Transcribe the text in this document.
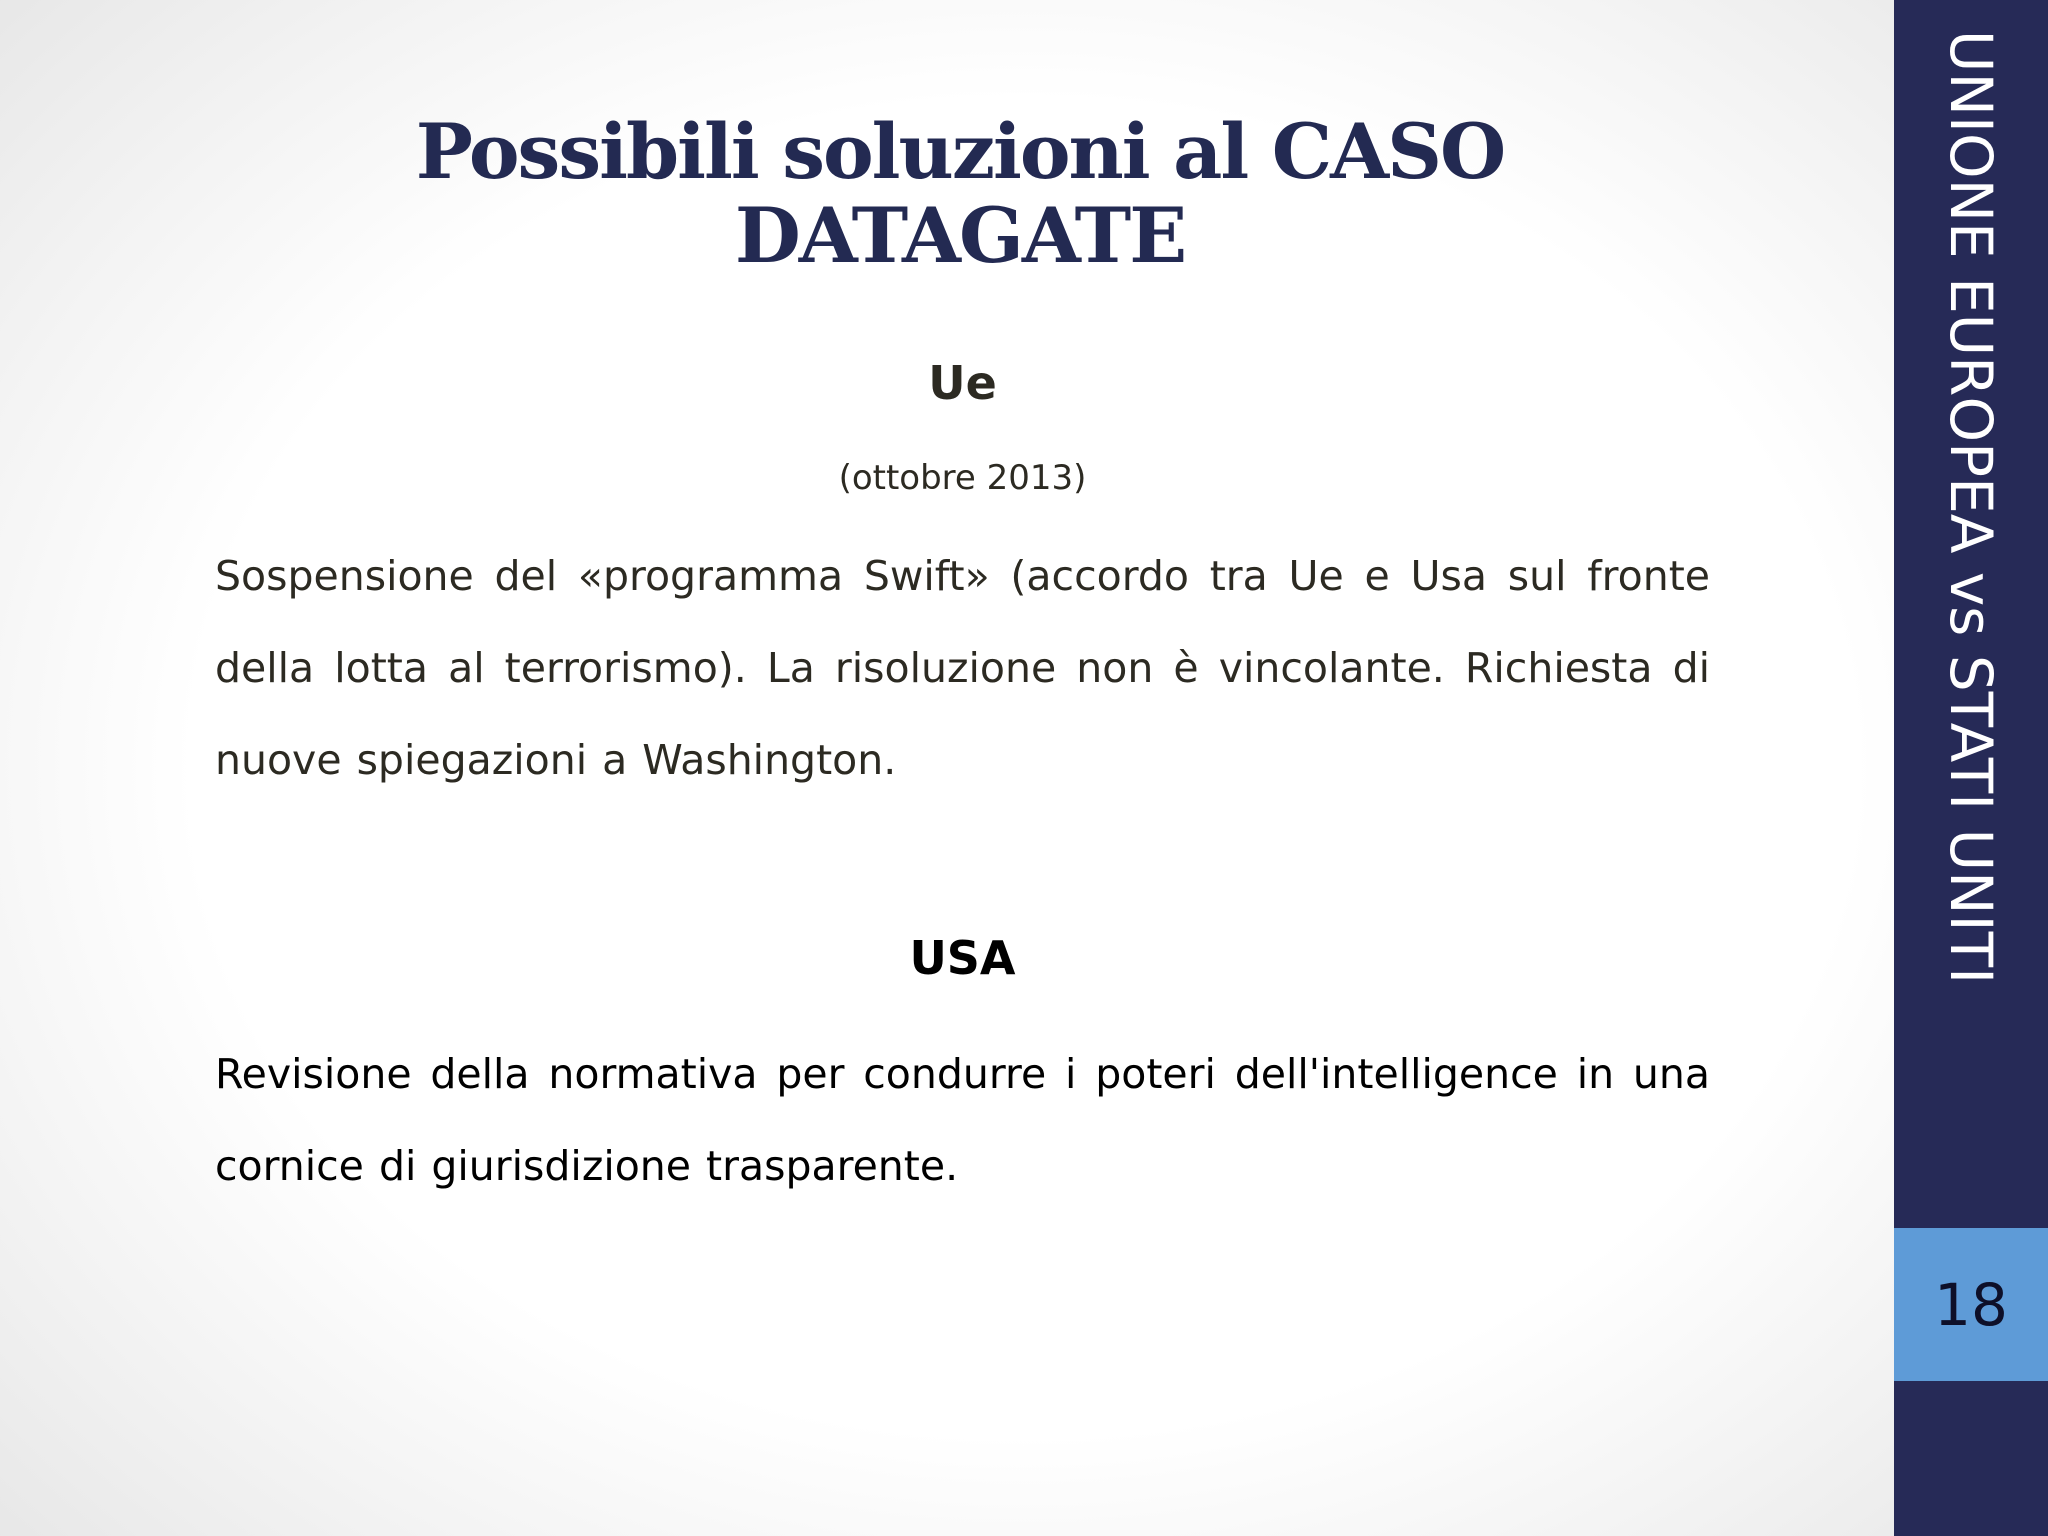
Possibili soluzioni al CASO DATAGATE
Ue
(ottobre 2013)

Sospensione del «programma Swift» (accordo tra Ue e Usa sul fronte della lotta al terrorismo). La risoluzione non è vincolante. Richiesta di nuove spiegazioni a Washington.

USA

Revisione della normativa per condurre i poteri dell'intelligence in una cornice di giurisdizione trasparente.

UNIONE EUROPEA vs STATI UNITI
18
